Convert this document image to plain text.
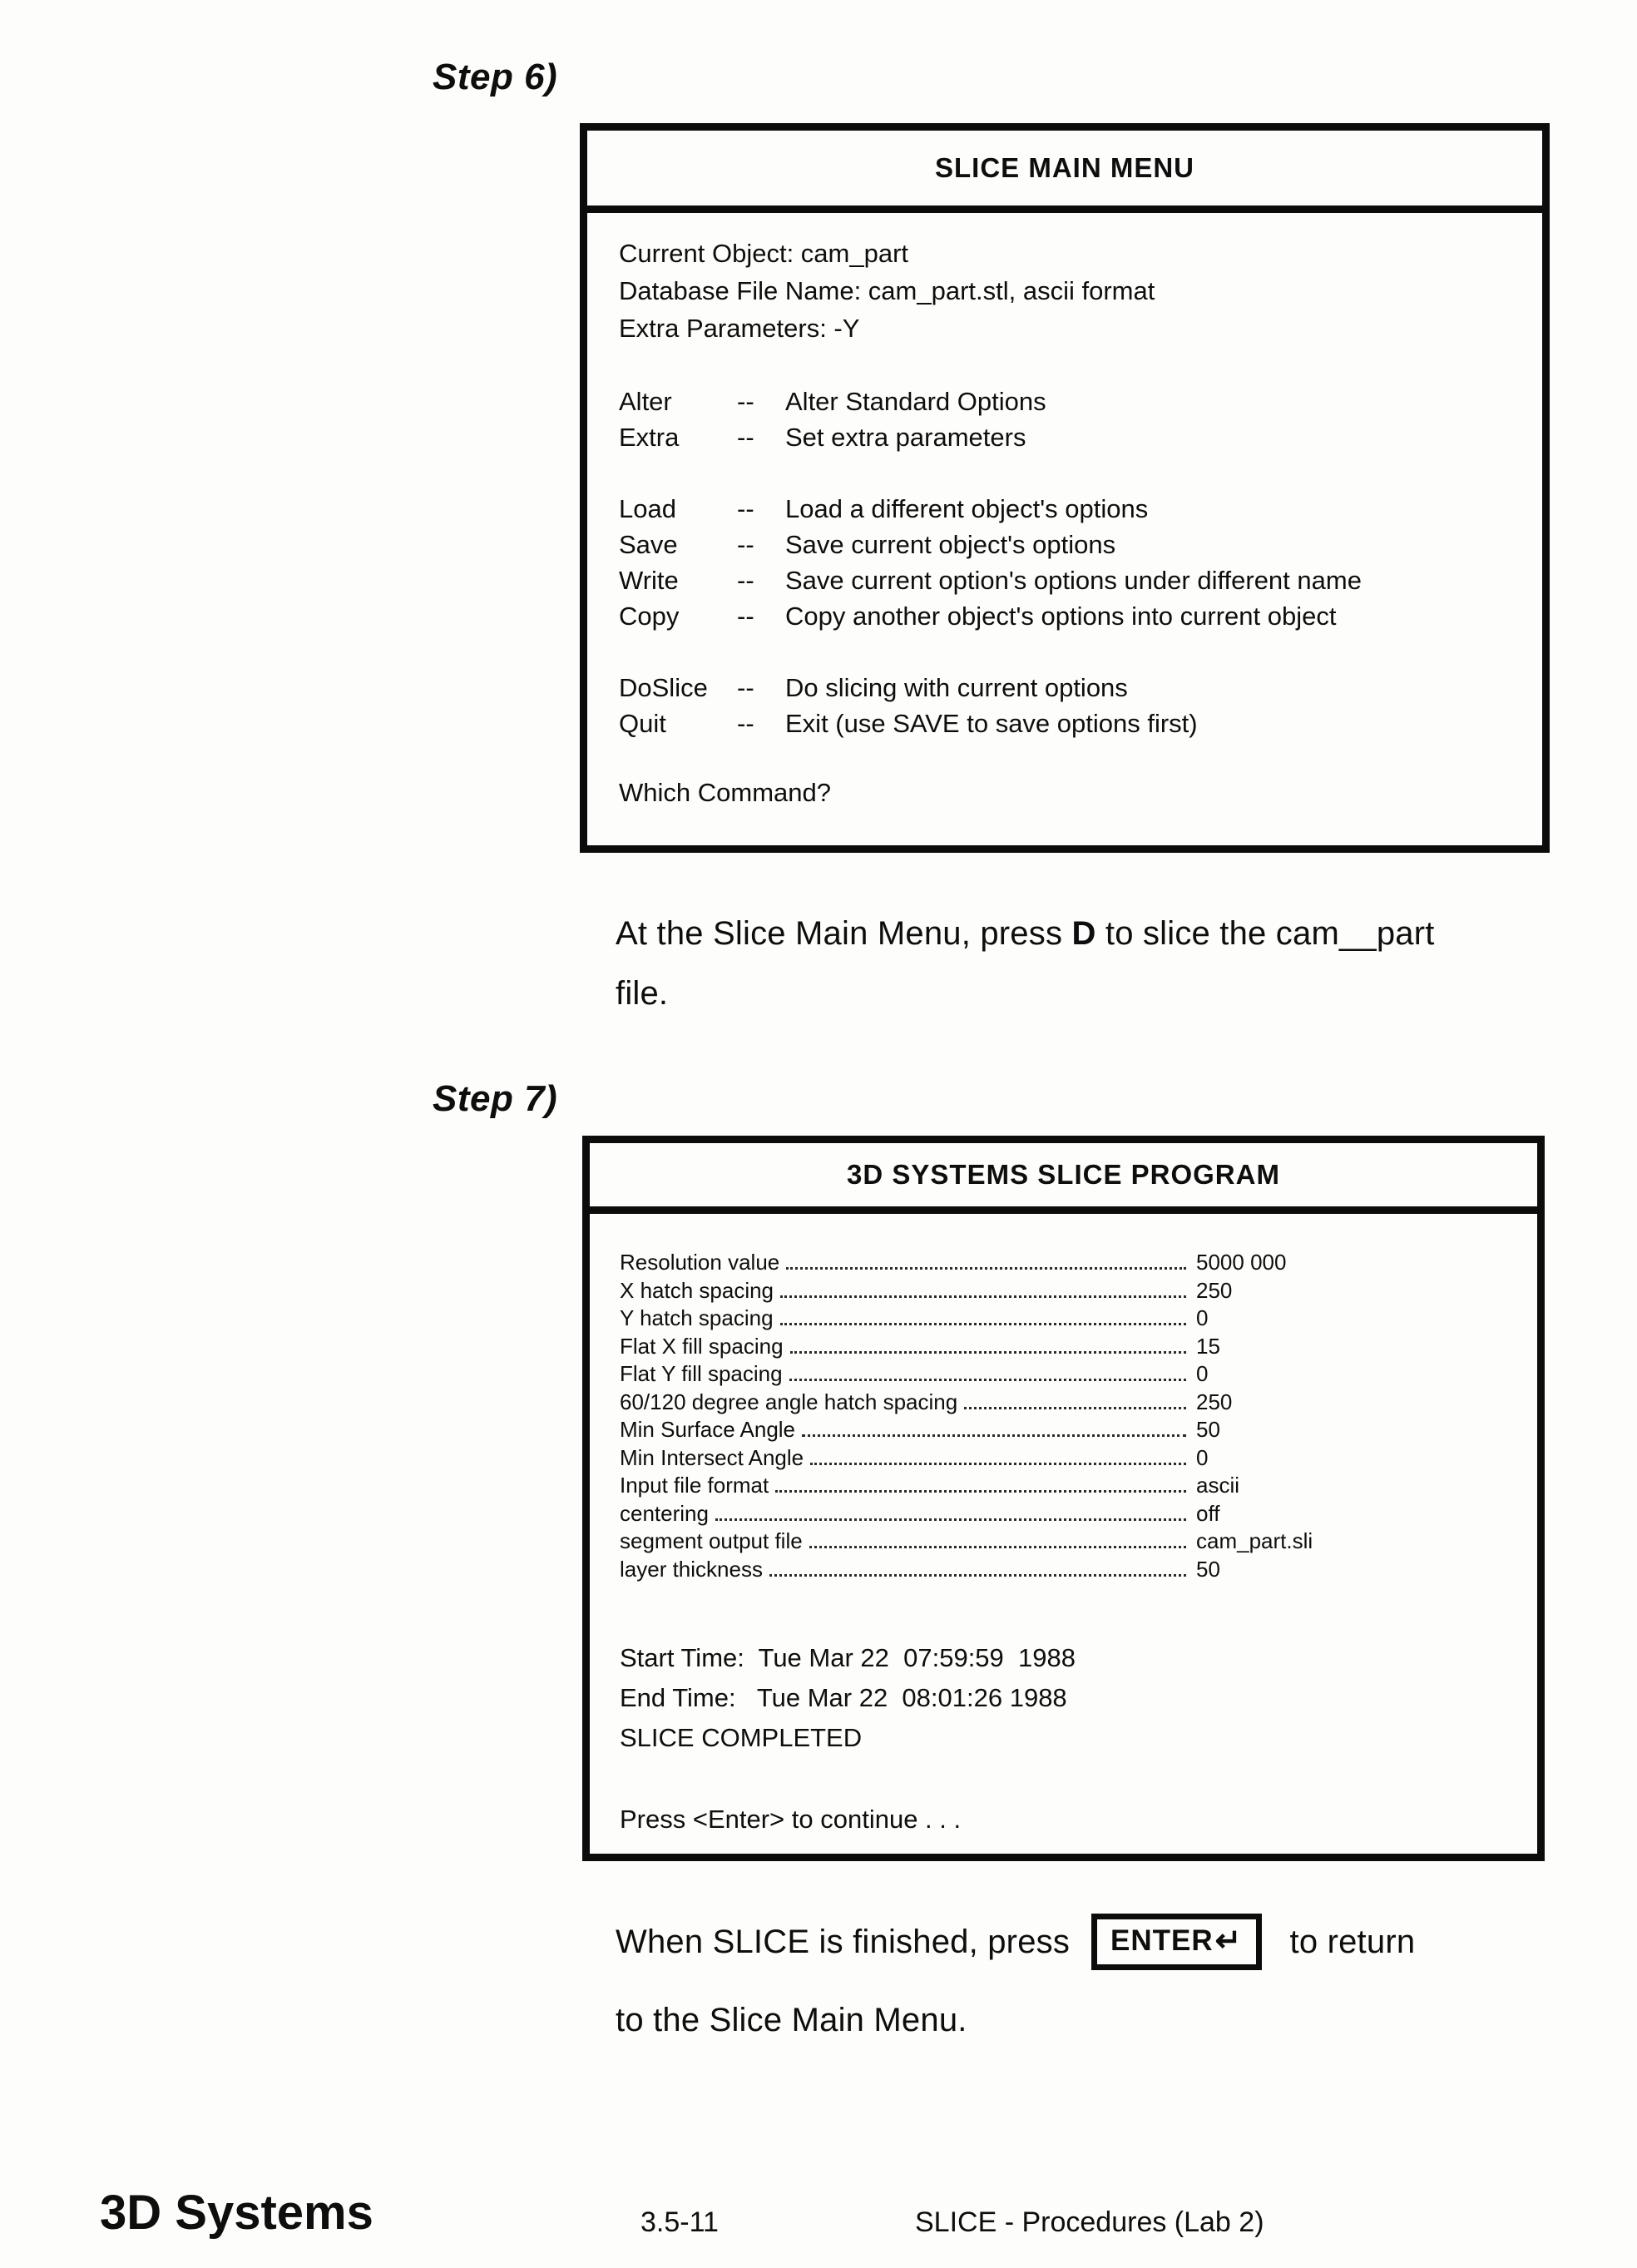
Step 6)
SLICE MAIN MENU
Current Object: cam_part
Database File Name: cam_part.stl, ascii format
Extra Parameters: -Y
Alter	--	Alter Standard Options
Extra	--	Set extra parameters
Load	--	Load a different object's options
Save	--	Save current object's options
Write	--	Save current option's options under different name
Copy	--	Copy another object's options into current object
DoSlice	--	Do slicing with current options
Quit	--	Exit (use SAVE to save options first)
Which Command?
At the Slice Main Menu, press D to slice the cam__part
file.
Step 7)
3D SYSTEMS SLICE PROGRAM
Resolution value	5000 000
X hatch spacing	250
Y hatch spacing	0
Flat X fill spacing	15
Flat Y fill spacing	0
60/120 degree angle hatch spacing	250
Min Surface Angle	50
Min Intersect Angle	0
Input file format	ascii
centering	off
segment output file	cam_part.sli
layer thickness	50
Start Time:  Tue Mar 22  07:59:59  1988
End Time:   Tue Mar 22  08:01:26 1988
SLICE COMPLETED
Press <Enter> to continue . . .
When SLICE is finished, press ENTER ↵ to return
to the Slice Main Menu.
3D Systems	3.5-11	SLICE - Procedures (Lab 2)
